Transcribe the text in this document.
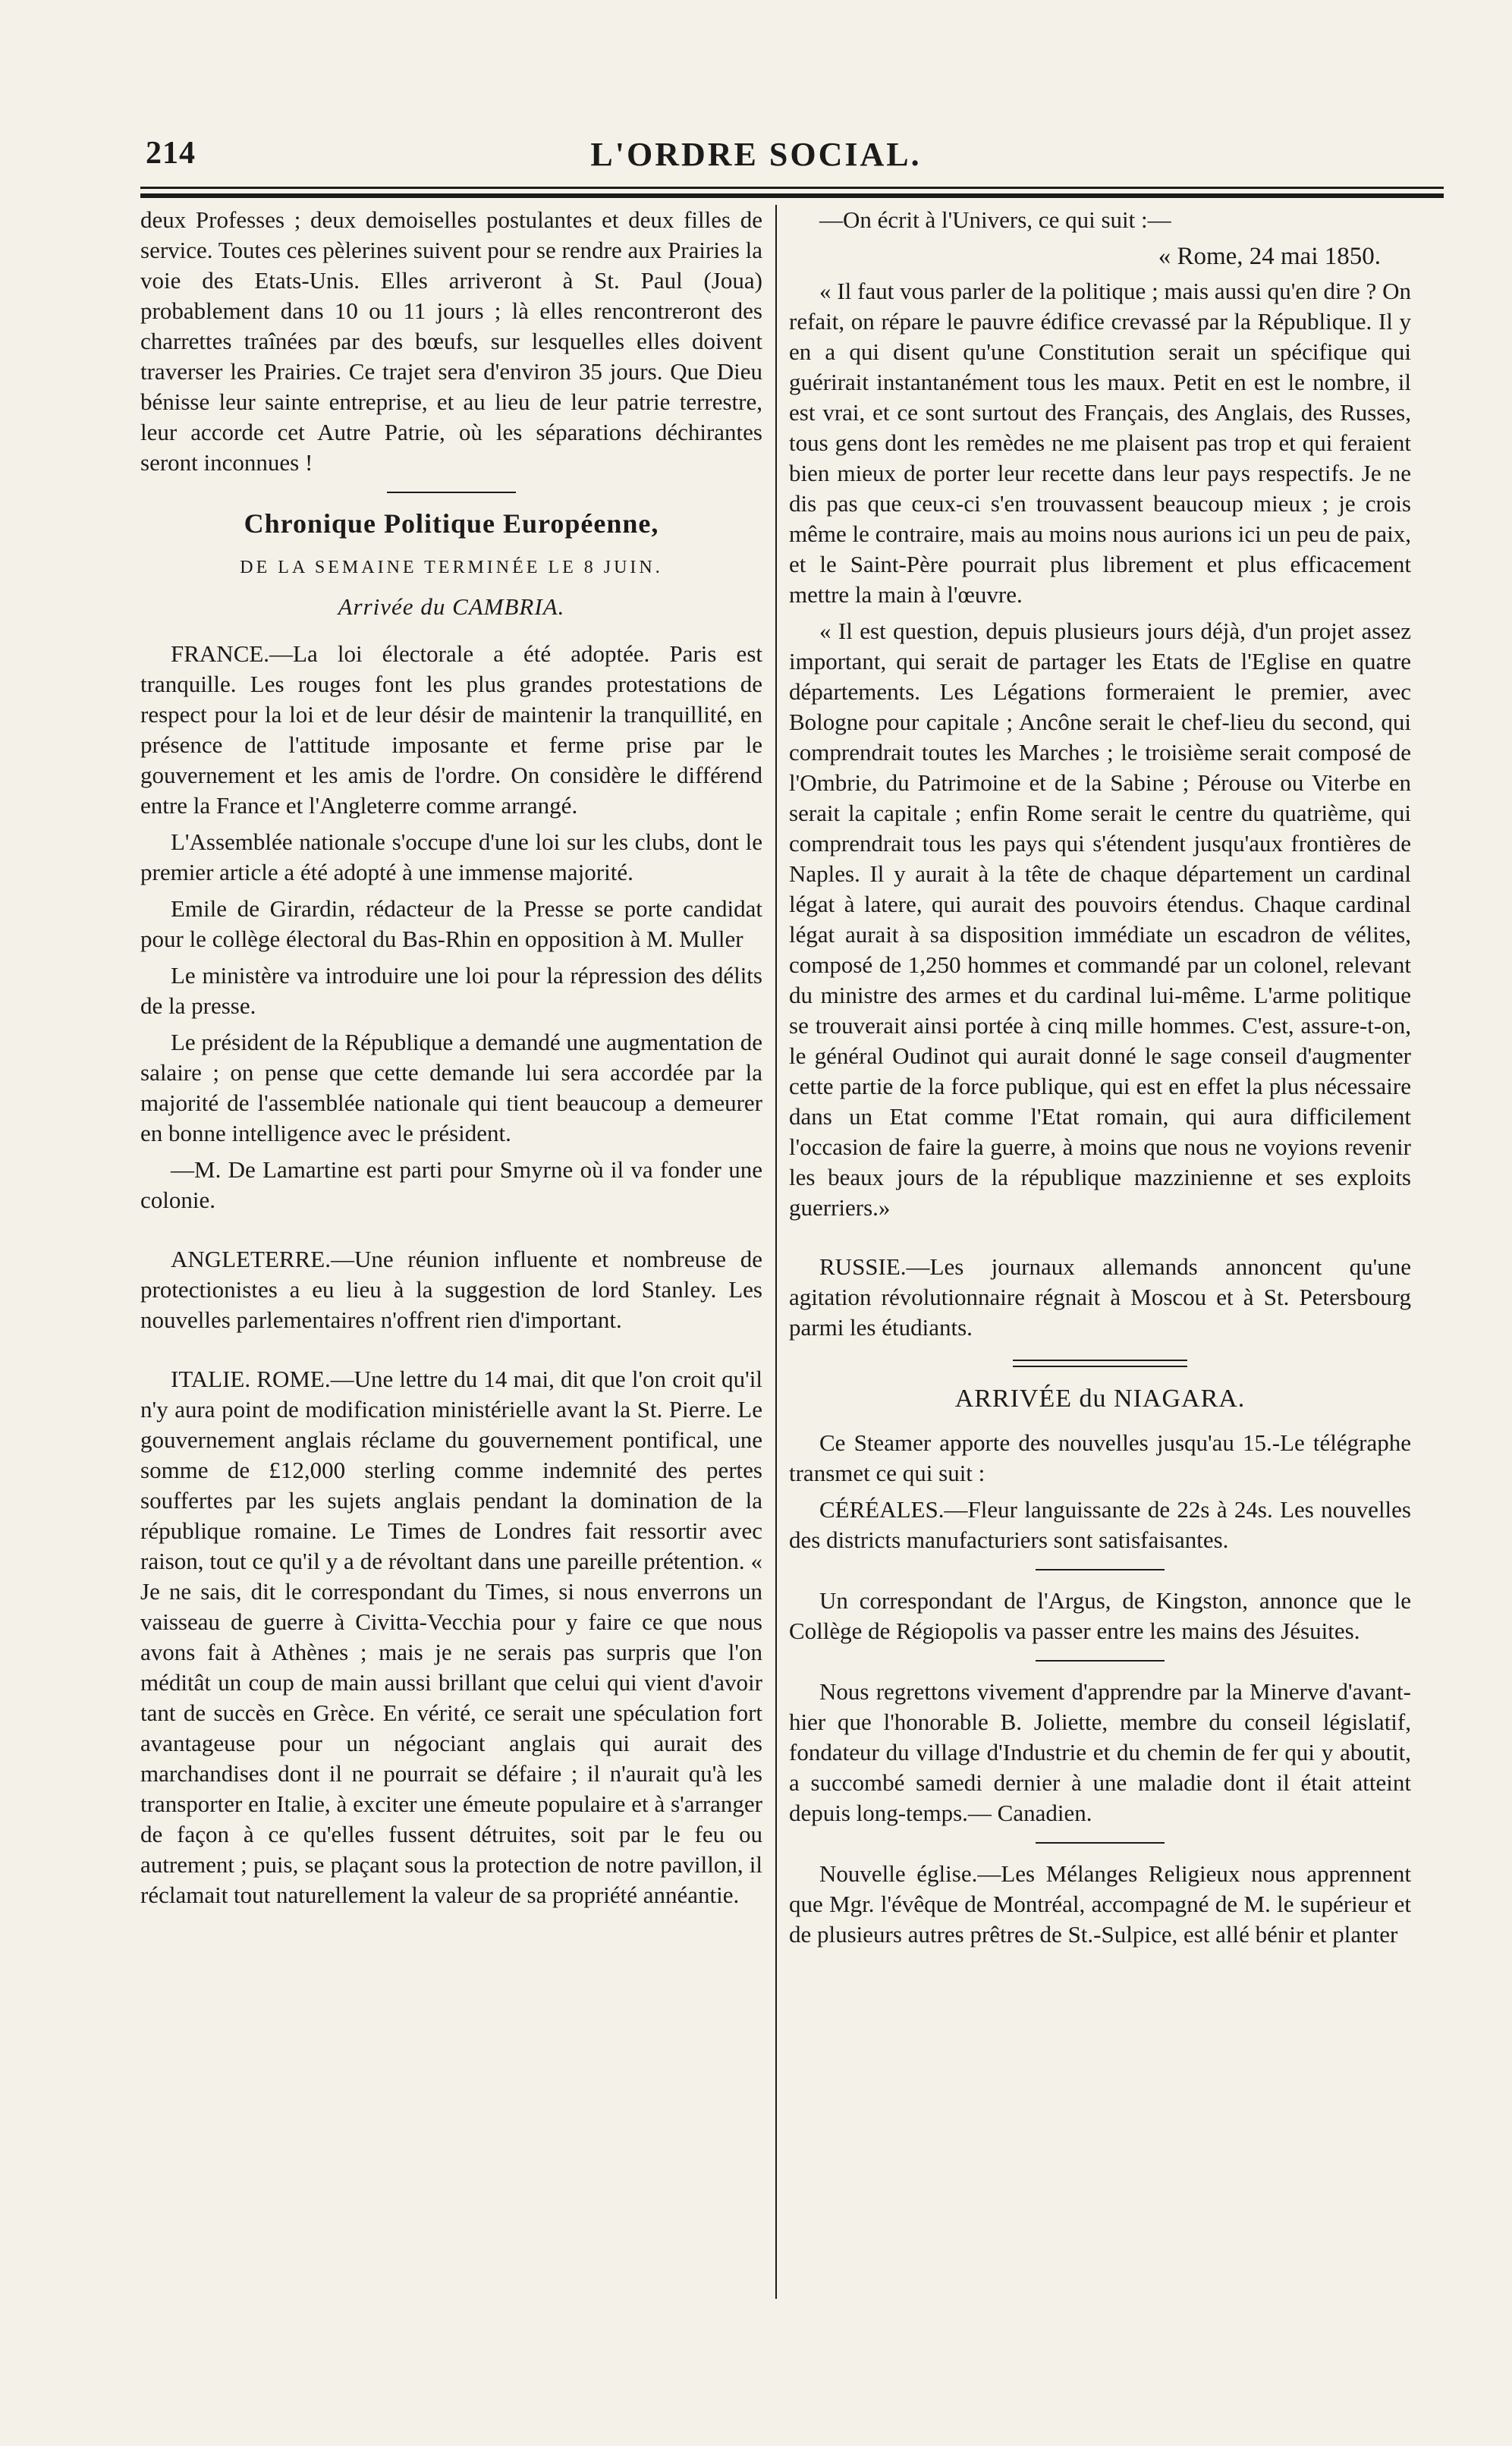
214	L'ORDRE SOCIAL.

deux Professes ; deux demoiselles postulantes et deux filles de service. Toutes ces pèlerines suivent pour se rendre aux Prairies la voie des Etats-Unis. Elles arriveront à St. Paul (Joua) probablement dans 10 ou 11 jours ; là elles rencontreront des charrettes traînées par des bœufs, sur lesquelles elles doivent traverser les Prairies. Ce trajet sera d'environ 35 jours. Que Dieu bénisse leur sainte entreprise, et au lieu de leur patrie terrestre, leur accorde cet Autre Patrie, où les séparations déchirantes seront inconnues !

Chronique Politique Européenne,
DE LA SEMAINE TERMINÉE LE 8 JUIN.
Arrivée du CAMBRIA.

FRANCE.—La loi électorale a été adoptée. Paris est tranquille. Les rouges font les plus grandes protestations de respect pour la loi et de leur désir de maintenir la tranquillité, en présence de l'attitude imposante et ferme prise par le gouvernement et les amis de l'ordre. On considère le différend entre la France et l'Angleterre comme arrangé.

L'Assemblée nationale s'occupe d'une loi sur les clubs, dont le premier article a été adopté à une immense majorité.

Emile de Girardin, rédacteur de la Presse se porte candidat pour le collège électoral du Bas-Rhin en opposition à M. Muller

Le ministère va introduire une loi pour la répression des délits de la presse.

Le président de la République a demandé une augmentation de salaire ; on pense que cette demande lui sera accordée par la majorité de l'assemblée nationale qui tient beaucoup a demeurer en bonne intelligence avec le président.

—M. De Lamartine est parti pour Smyrne où il va fonder une colonie.

ANGLETERRE.—Une réunion influente et nombreuse de protectionistes a eu lieu à la suggestion de lord Stanley. Les nouvelles parlementaires n'offrent rien d'important.

ITALIE. ROME.—Une lettre du 14 mai, dit que l'on croit qu'il n'y aura point de modification ministérielle avant la St. Pierre. Le gouvernement anglais réclame du gouvernement pontifical, une somme de £12,000 sterling comme indemnité des pertes souffertes par les sujets anglais pendant la domination de la république romaine. Le Times de Londres fait ressortir avec raison, tout ce qu'il y a de révoltant dans une pareille prétention. « Je ne sais, dit le correspondant du Times, si nous enverrons un vaisseau de guerre à Civitta-Vecchia pour y faire ce que nous avons fait à Athènes ; mais je ne serais pas surpris que l'on méditât un coup de main aussi brillant que celui qui vient d'avoir tant de succès en Grèce. En vérité, ce serait une spéculation fort avantageuse pour un négociant anglais qui aurait des marchandises dont il ne pourrait se défaire ; il n'aurait qu'à les transporter en Italie, à exciter une émeute populaire et à s'arranger de façon à ce qu'elles fussent détruites, soit par le feu ou autrement ; puis, se plaçant sous la protection de notre pavillon, il réclamait tout naturellement la valeur de sa propriété annéantie.

—On écrit à l'Univers, ce qui suit :—

« Rome, 24 mai 1850.

« Il faut vous parler de la politique ; mais aussi qu'en dire ? On refait, on répare le pauvre édifice crevassé par la République. Il y en a qui disent qu'une Constitution serait un spécifique qui guérirait instantanément tous les maux. Petit en est le nombre, il est vrai, et ce sont surtout des Français, des Anglais, des Russes, tous gens dont les remèdes ne me plaisent pas trop et qui feraient bien mieux de porter leur recette dans leur pays respectifs. Je ne dis pas que ceux-ci s'en trouvassent beaucoup mieux ; je crois même le contraire, mais au moins nous aurions ici un peu de paix, et le Saint-Père pourrait plus librement et plus efficacement mettre la main à l'œuvre.

« Il est question, depuis plusieurs jours déjà, d'un projet assez important, qui serait de partager les Etats de l'Eglise en quatre départements. Les Légations formeraient le premier, avec Bologne pour capitale ; Ancône serait le chef-lieu du second, qui comprendrait toutes les Marches ; le troisième serait composé de l'Ombrie, du Patrimoine et de la Sabine ; Pérouse ou Viterbe en serait la capitale ; enfin Rome serait le centre du quatrième, qui comprendrait tous les pays qui s'étendent jusqu'aux frontières de Naples. Il y aurait à la tête de chaque département un cardinal légat à latere, qui aurait des pouvoirs étendus. Chaque cardinal légat aurait à sa disposition immédiate un escadron de vélites, composé de 1,250 hommes et commandé par un colonel, relevant du ministre des armes et du cardinal lui-même. L'arme politique se trouverait ainsi portée à cinq mille hommes. C'est, assure-t-on, le général Oudinot qui aurait donné le sage conseil d'augmenter cette partie de la force publique, qui est en effet la plus nécessaire dans un Etat comme l'Etat romain, qui aura difficilement l'occasion de faire la guerre, à moins que nous ne voyions revenir les beaux jours de la république mazzinienne et ses exploits guerriers.»

RUSSIE.—Les journaux allemands annoncent qu'une agitation révolutionnaire régnait à Moscou et à St. Petersbourg parmi les étudiants.

ARRIVÉE du NIAGARA.

Ce Steamer apporte des nouvelles jusqu'au 15.-Le télégraphe transmet ce qui suit :

CÉRÉALES.—Fleur languissante de 22s à 24s. Les nouvelles des districts manufacturiers sont satisfaisantes.

Un correspondant de l'Argus, de Kingston, annonce que le Collège de Régiopolis va passer entre les mains des Jésuites.

Nous regrettons vivement d'apprendre par la Minerve d'avant-hier que l'honorable B. Joliette, membre du conseil législatif, fondateur du village d'Industrie et du chemin de fer qui y aboutit, a succombé samedi dernier à une maladie dont il était atteint depuis long-temps.— Canadien.

Nouvelle église.—Les Mélanges Religieux nous apprennent que Mgr. l'évêque de Montréal, accompagné de M. le supérieur et de plusieurs autres prêtres de St.-Sulpice, est allé bénir et planter
